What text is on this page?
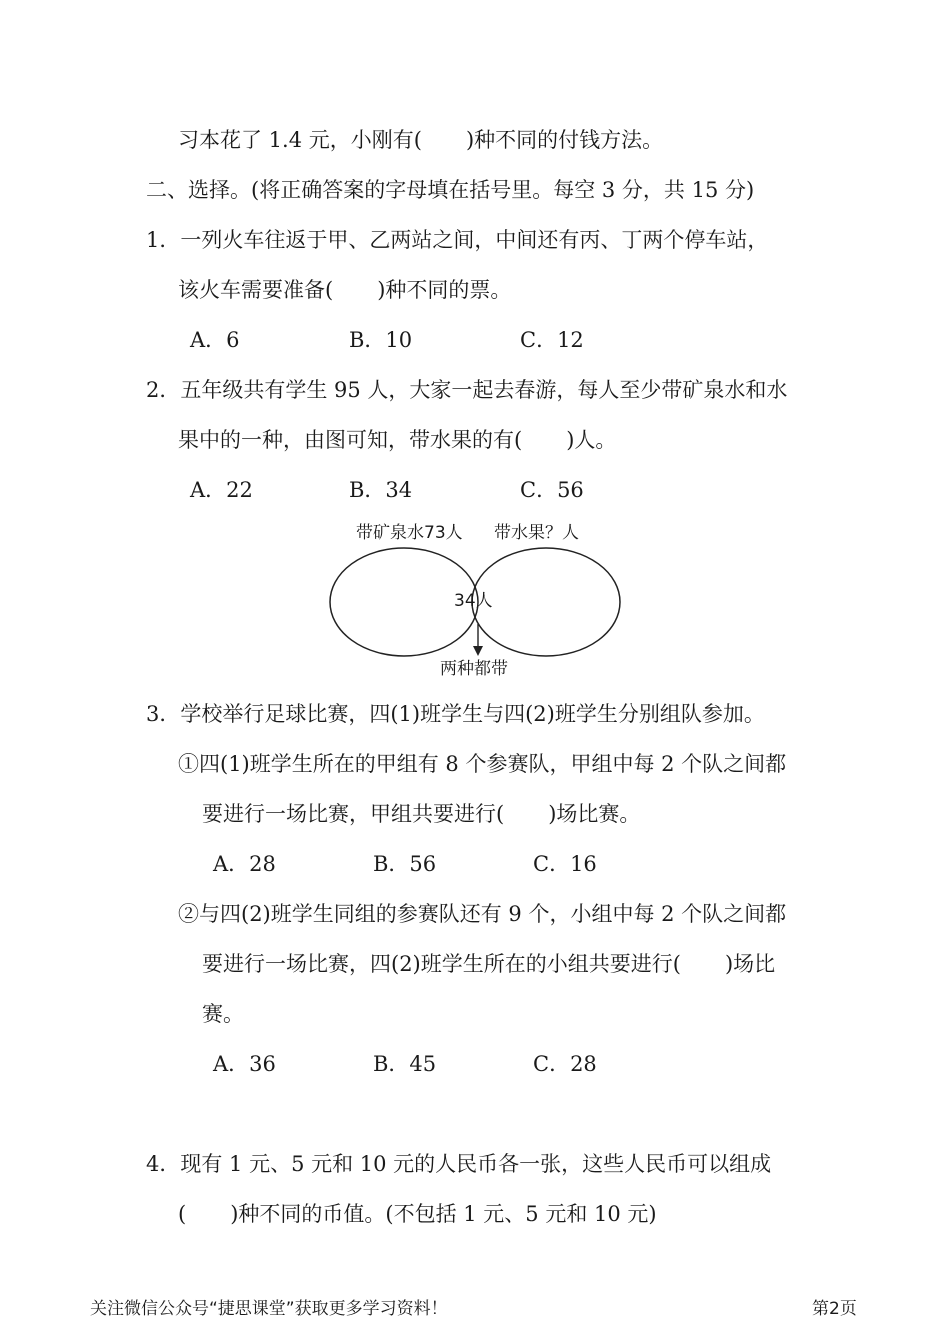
习本花了 1.4 元，小刚有( )种不同的付钱方法。
二、选择。(将正确答案的字母填在括号里。每空 3 分，共 15 分)
1．一列火车往返于甲、乙两站之间，中间还有丙、丁两个停车站，
该火车需要准备( )种不同的票。
A．6	B．10	C．12
2．五年级共有学生 95 人，大家一起去春游，每人至少带矿泉水和水
果中的一种，由图可知，带水果的有( )人。
A．22	B．34	C．56
带矿泉水73人 带水果？人
34人
两种都带
3．学校举行足球比赛，四(1)班学生与四(2)班学生分别组队参加。
①四(1)班学生所在的甲组有 8 个参赛队，甲组中每 2 个队之间都
要进行一场比赛，甲组共要进行( )场比赛。
A．28	B．56	C．16
②与四(2)班学生同组的参赛队还有 9 个，小组中每 2 个队之间都
要进行一场比赛，四(2)班学生所在的小组共要进行( )场比
赛。
A．36	B．45	C．28
4．现有 1 元、5 元和 10 元的人民币各一张，这些人民币可以组成
( )种不同的币值。(不包括 1 元、5 元和 10 元)
关注微信公众号“捷思课堂”获取更多学习资料！	第2页
